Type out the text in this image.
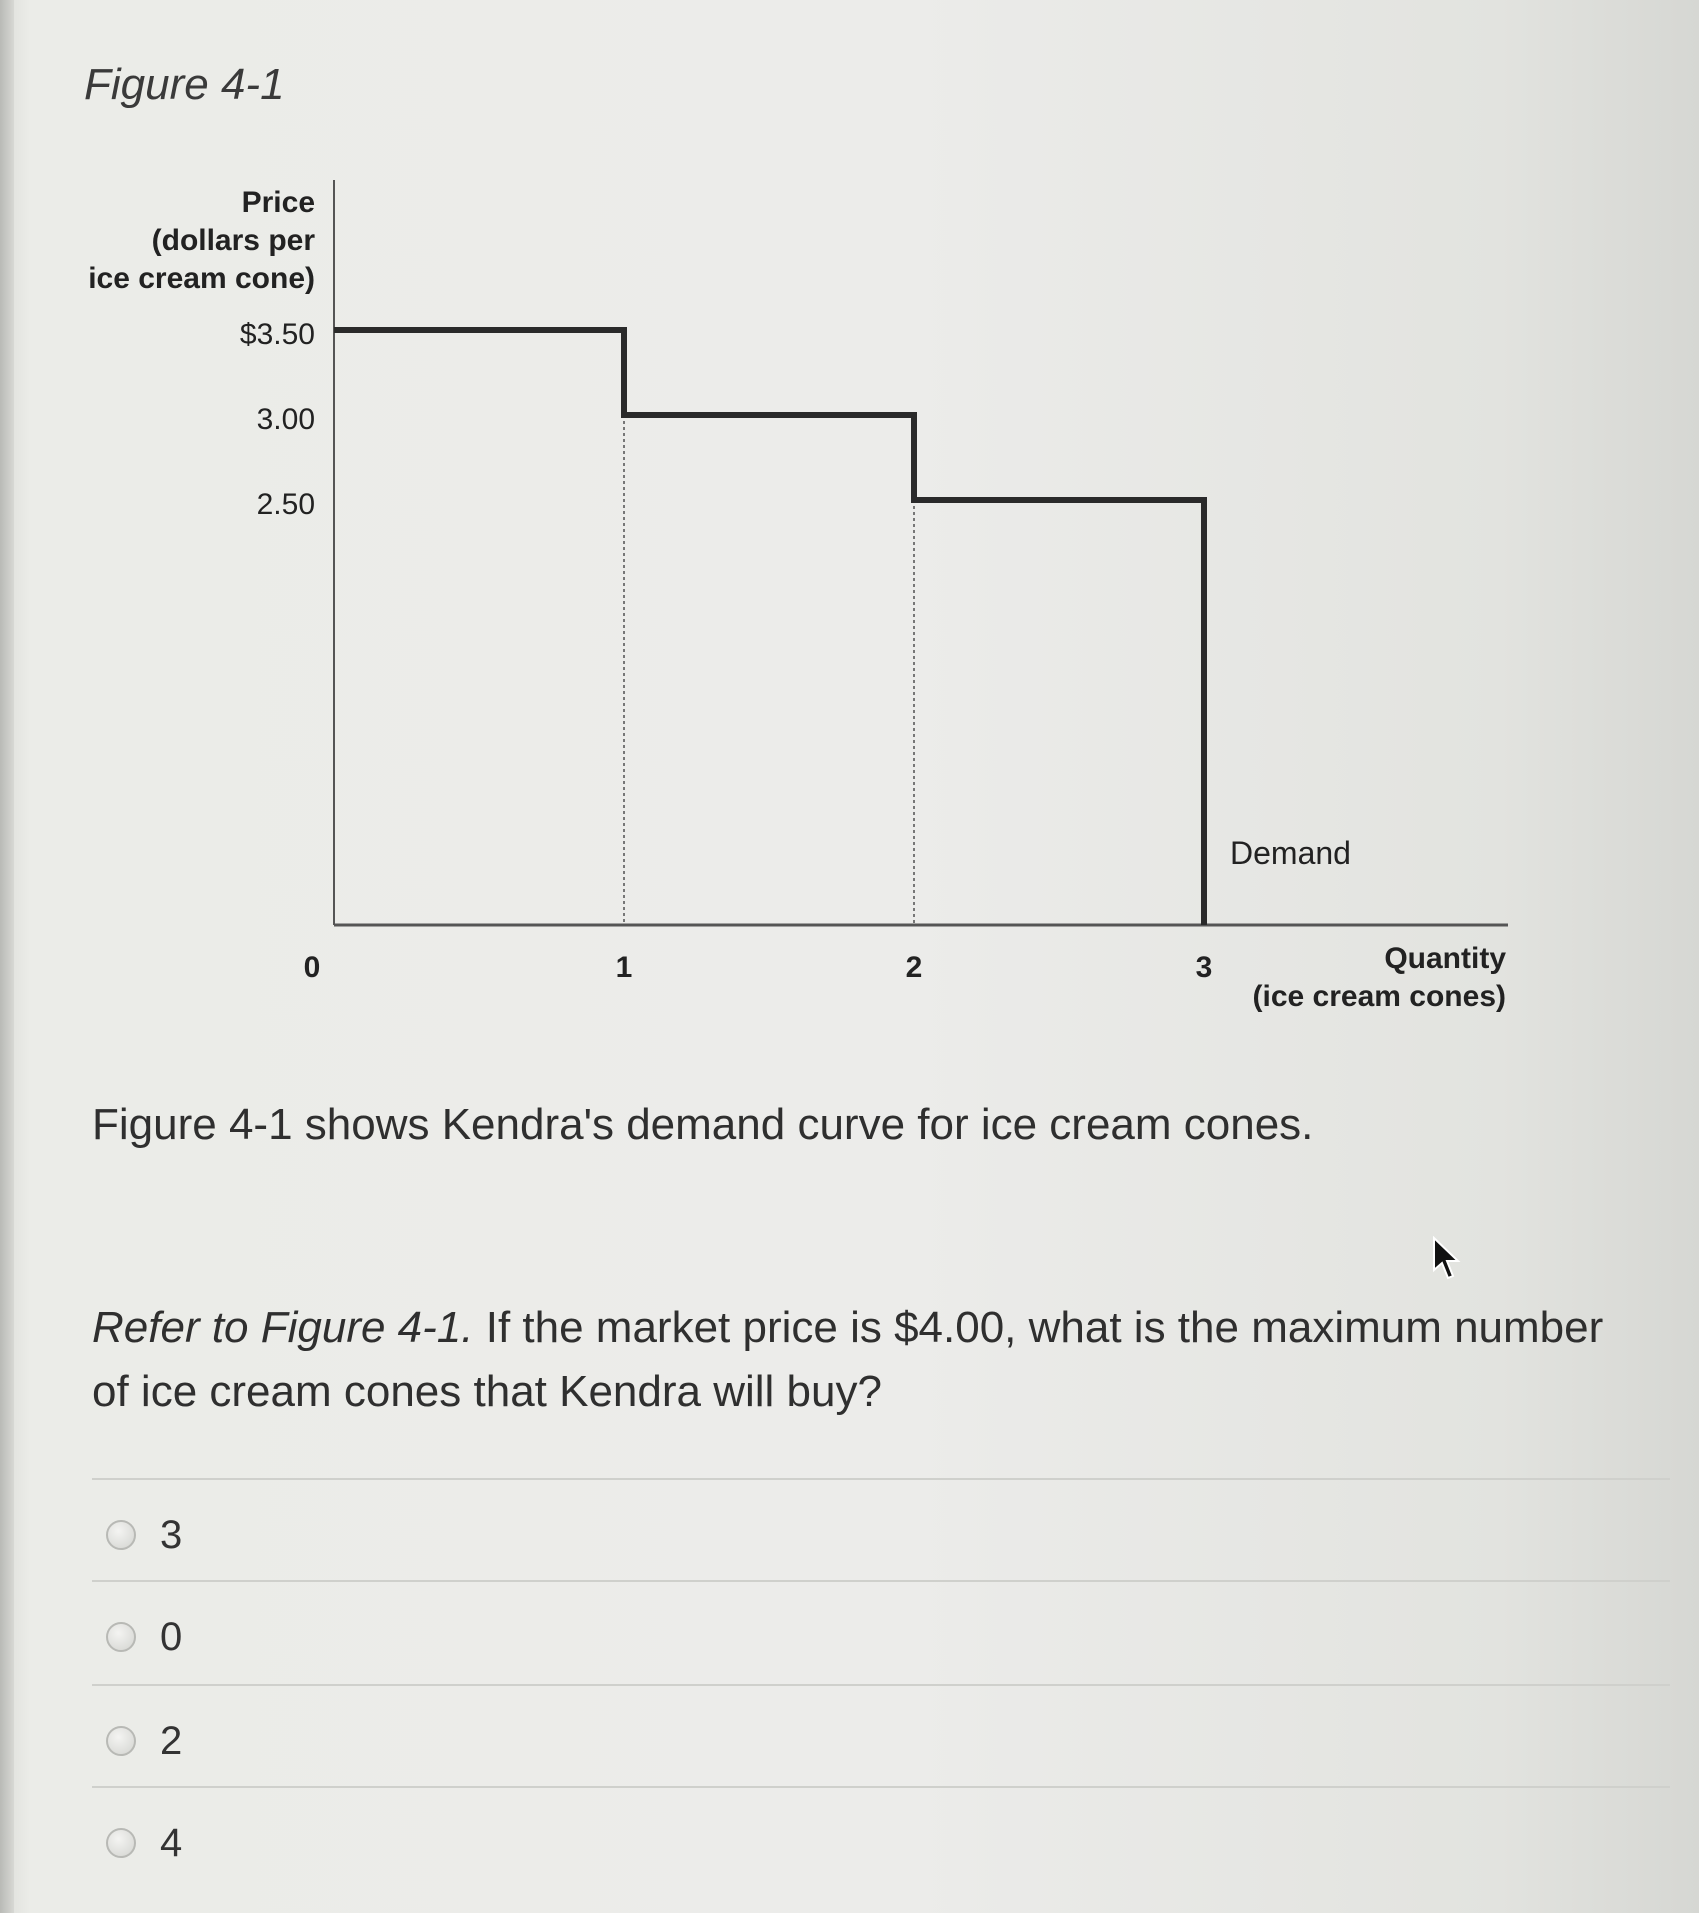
Figure 4-1
$3.50
3.00
2.50
0	1	2	3
Price
(dollars per
ice cream cone)
Quantity
(ice cream cones)
Demand
Figure 4-1 shows Kendra's demand curve for ice cream cones.
Refer to Figure 4-1. If the market price is $4.00, what is the maximum number of ice cream cones that Kendra will buy?
3
0
2
4
